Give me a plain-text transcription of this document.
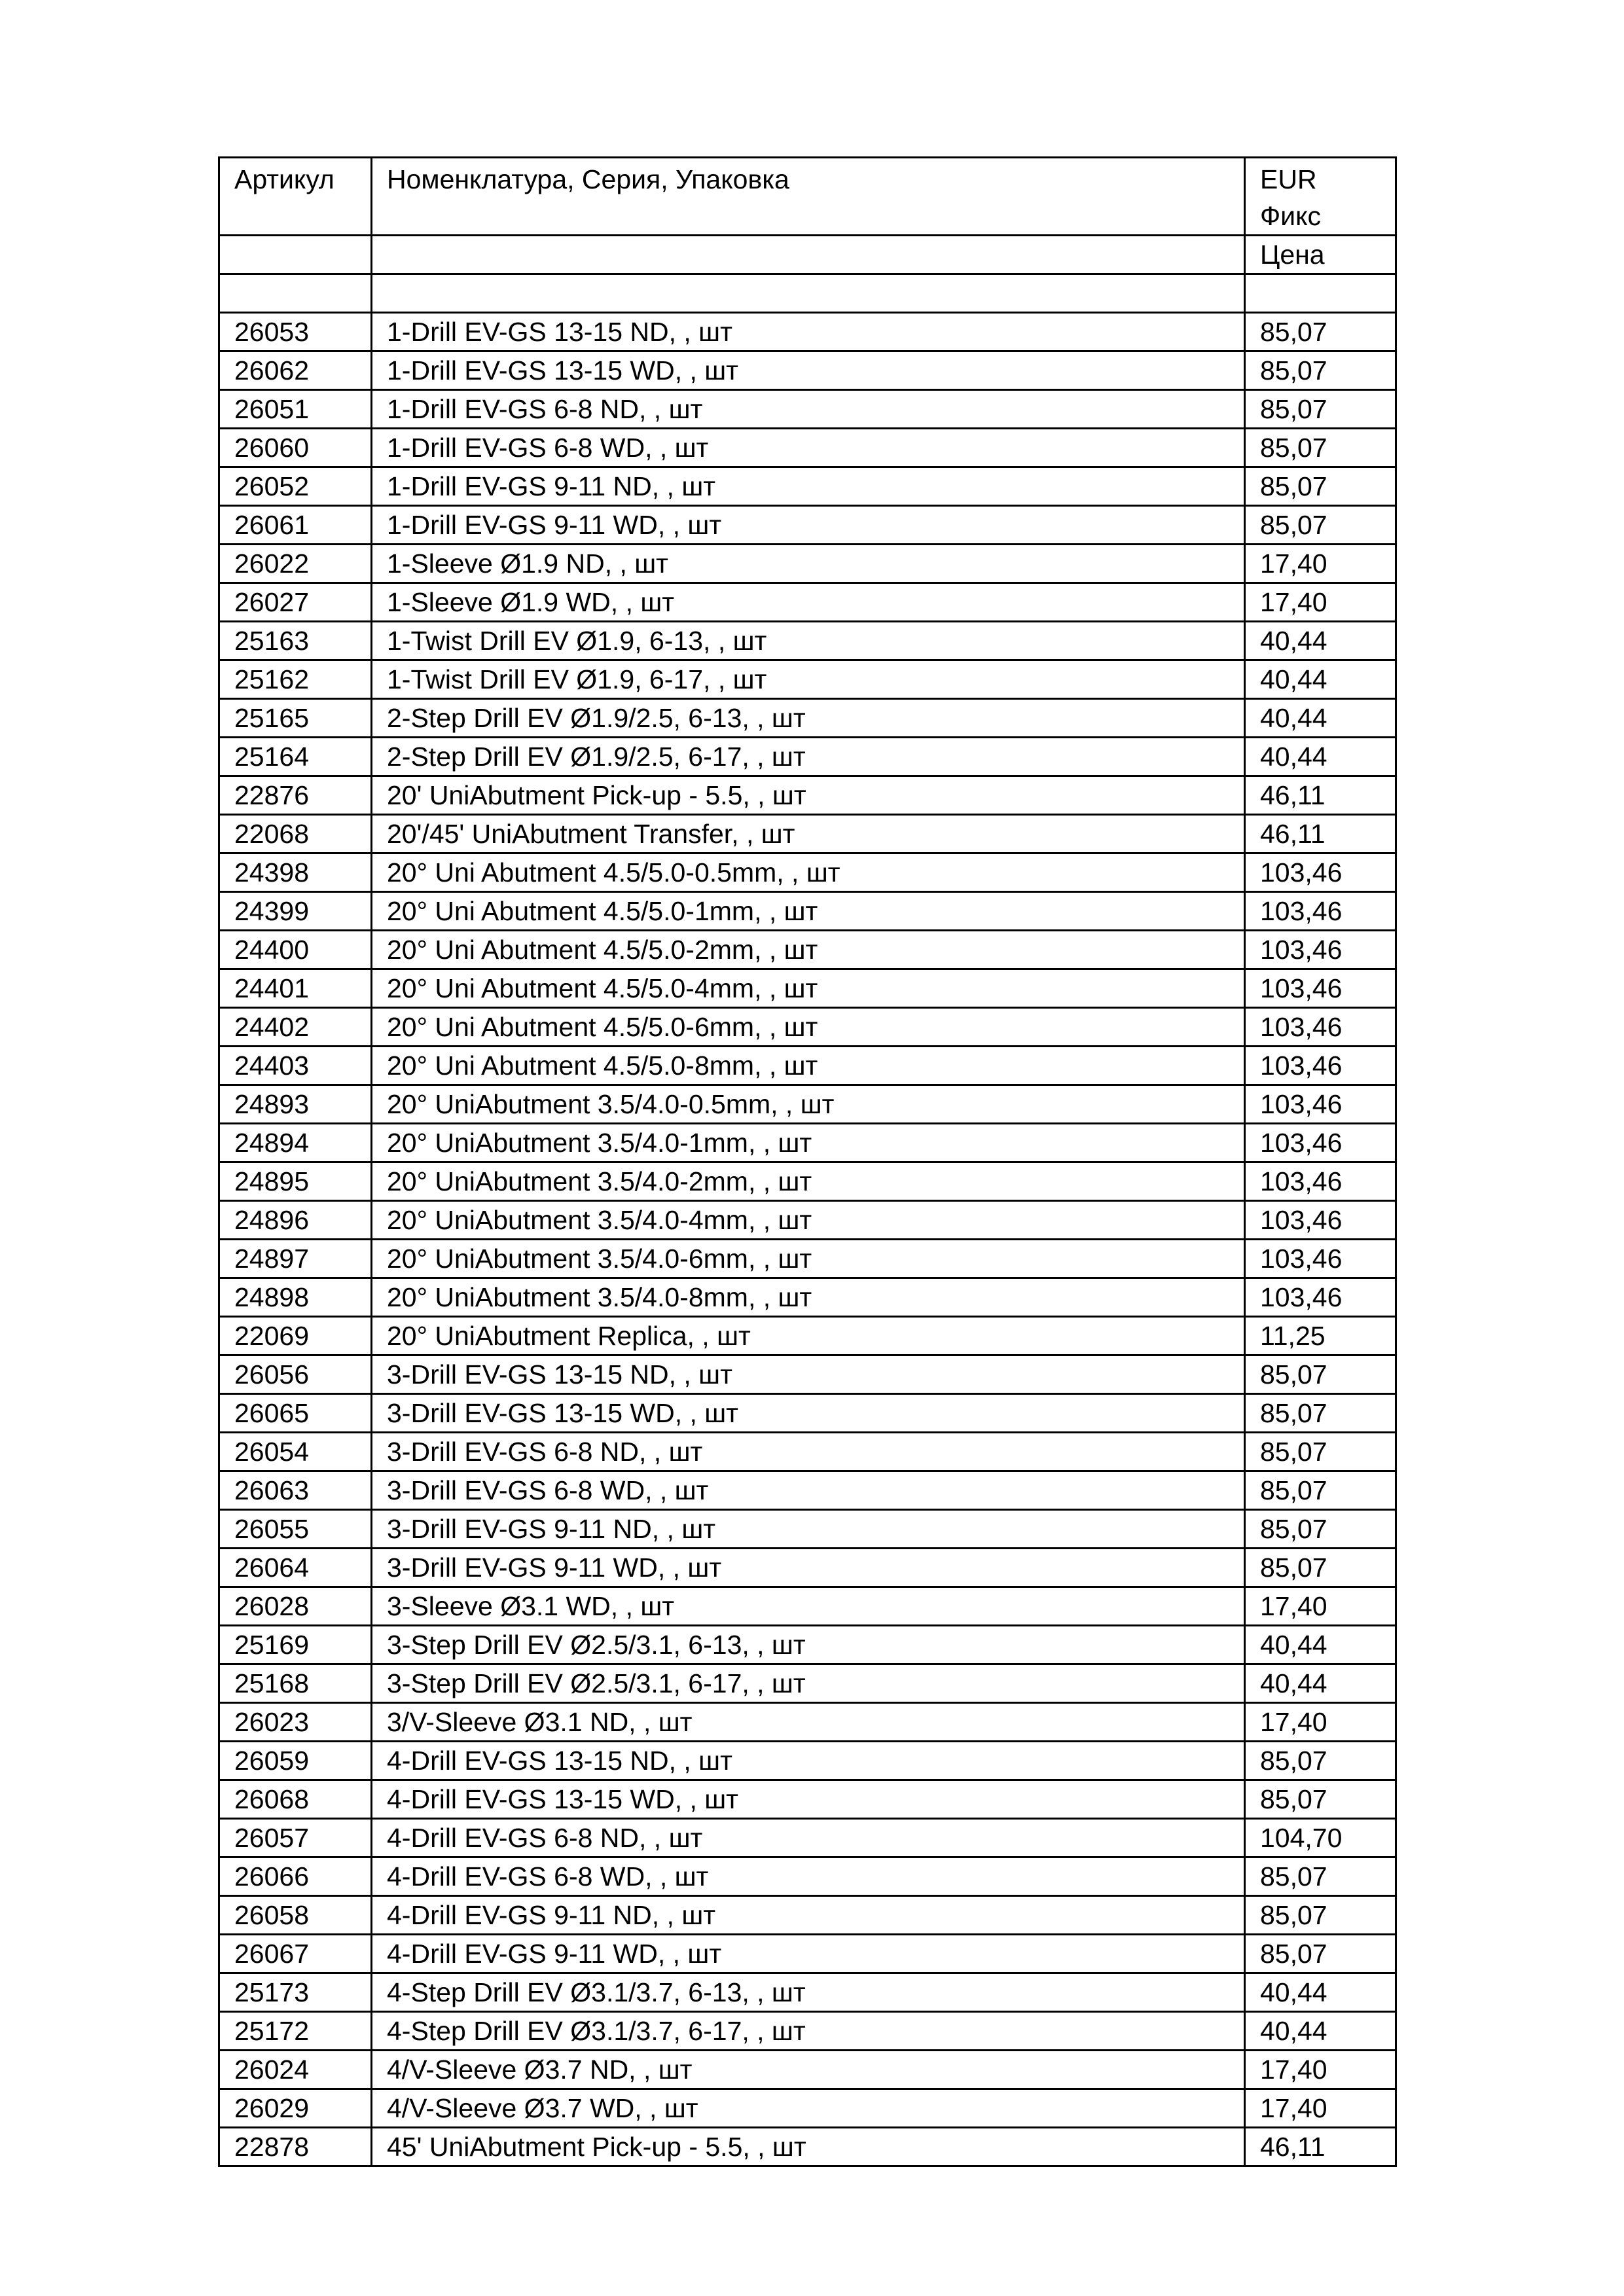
Артикул	Номенклатура, Серия, Упаковка	EUR
Фикс

		Цена

26053	1-Drill EV-GS 13-15 ND, , шт	85,07
26062	1-Drill EV-GS 13-15 WD, , шт	85,07
26051	1-Drill EV-GS 6-8 ND, , шт	85,07
26060	1-Drill EV-GS 6-8 WD, , шт	85,07
26052	1-Drill EV-GS 9-11 ND, , шт	85,07
26061	1-Drill EV-GS 9-11 WD, , шт	85,07
26022	1-Sleeve Ø1.9 ND, , шт	17,40
26027	1-Sleeve Ø1.9 WD, , шт	17,40
25163	1-Twist Drill EV Ø1.9, 6-13, , шт	40,44
25162	1-Twist Drill EV Ø1.9, 6-17, , шт	40,44
25165	2-Step Drill EV Ø1.9/2.5, 6-13, , шт	40,44
25164	2-Step Drill EV Ø1.9/2.5, 6-17, , шт	40,44
22876	20' UniAbutment Pick-up - 5.5, , шт	46,11
22068	20'/45' UniAbutment Transfer, , шт	46,11
24398	20° Uni Abutment 4.5/5.0-0.5mm, , шт	103,46
24399	20° Uni Abutment 4.5/5.0-1mm, , шт	103,46
24400	20° Uni Abutment 4.5/5.0-2mm, , шт	103,46
24401	20° Uni Abutment 4.5/5.0-4mm, , шт	103,46
24402	20° Uni Abutment 4.5/5.0-6mm, , шт	103,46
24403	20° Uni Abutment 4.5/5.0-8mm, , шт	103,46
24893	20° UniAbutment 3.5/4.0-0.5mm, , шт	103,46
24894	20° UniAbutment 3.5/4.0-1mm, , шт	103,46
24895	20° UniAbutment 3.5/4.0-2mm, , шт	103,46
24896	20° UniAbutment 3.5/4.0-4mm, , шт	103,46
24897	20° UniAbutment 3.5/4.0-6mm, , шт	103,46
24898	20° UniAbutment 3.5/4.0-8mm, , шт	103,46
22069	20° UniAbutment Replica, , шт	11,25
26056	3-Drill EV-GS 13-15 ND, , шт	85,07
26065	3-Drill EV-GS 13-15 WD, , шт	85,07
26054	3-Drill EV-GS 6-8 ND, , шт	85,07
26063	3-Drill EV-GS 6-8 WD, , шт	85,07
26055	3-Drill EV-GS 9-11 ND, , шт	85,07
26064	3-Drill EV-GS 9-11 WD, , шт	85,07
26028	3-Sleeve Ø3.1 WD, , шт	17,40
25169	3-Step Drill EV Ø2.5/3.1, 6-13, , шт	40,44
25168	3-Step Drill EV Ø2.5/3.1, 6-17, , шт	40,44
26023	3/V-Sleeve Ø3.1 ND, , шт	17,40
26059	4-Drill EV-GS 13-15 ND, , шт	85,07
26068	4-Drill EV-GS 13-15 WD, , шт	85,07
26057	4-Drill EV-GS 6-8 ND, , шт	104,70
26066	4-Drill EV-GS 6-8 WD, , шт	85,07
26058	4-Drill EV-GS 9-11 ND, , шт	85,07
26067	4-Drill EV-GS 9-11 WD, , шт	85,07
25173	4-Step Drill EV Ø3.1/3.7, 6-13, , шт	40,44
25172	4-Step Drill EV Ø3.1/3.7, 6-17, , шт	40,44
26024	4/V-Sleeve Ø3.7 ND, , шт	17,40
26029	4/V-Sleeve Ø3.7 WD, , шт	17,40
22878	45' UniAbutment Pick-up - 5.5, , шт	46,11
